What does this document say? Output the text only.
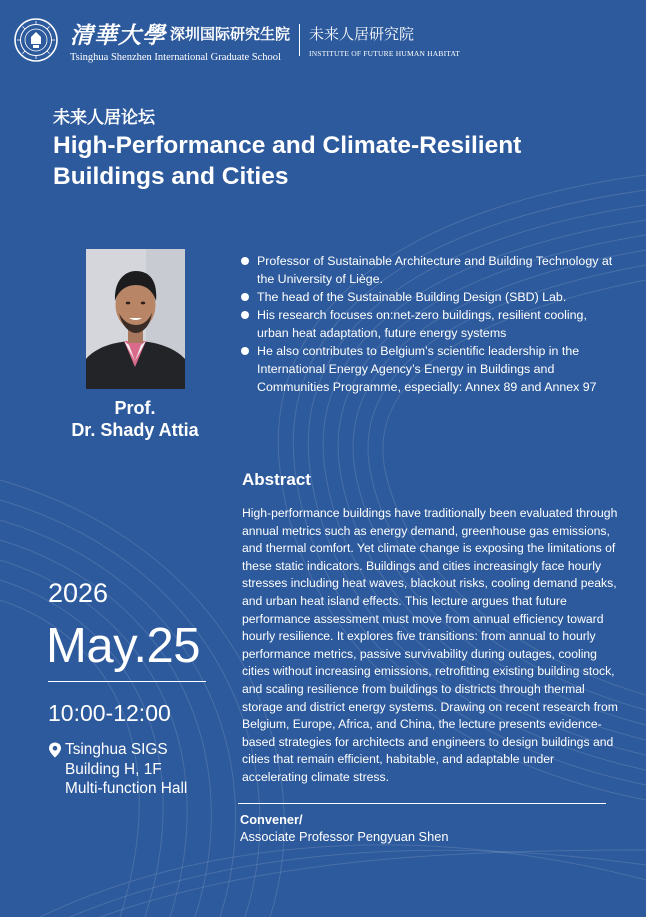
清華大學 深圳国际研究生院
Tsinghua Shenzhen International Graduate School
未来人居研究院
INSTITUTE OF FUTURE HUMAN HABITAT
未来人居论坛
High-Performance and Climate-Resilient
Buildings and Cities
Prof.
Dr. Shady Attia
Professor of Sustainable Architecture and Building Technology at the University of Liège.
The head of the Sustainable Building Design (SBD) Lab.
His research focuses on:net-zero buildings, resilient cooling, urban heat adaptation, future energy systems
He also contributes to Belgium’s scientific leadership in the International Energy Agency’s Energy in Buildings and Communities Programme, especially: Annex 89 and Annex 97
Abstract
High-performance buildings have traditionally been evaluated through annual metrics such as energy demand, greenhouse gas emissions, and thermal comfort. Yet climate change is exposing the limitations of these static indicators. Buildings and cities increasingly face hourly stresses including heat waves, blackout risks, cooling demand peaks, and urban heat island effects. This lecture argues that future performance assessment must move from annual efficiency toward hourly resilience. It explores five transitions: from annual to hourly performance metrics, passive survivability during outages, cooling cities without increasing emissions, retrofitting existing building stock, and scaling resilience from buildings to districts through thermal storage and district energy systems. Drawing on recent research from Belgium, Europe, Africa, and China, the lecture presents evidence-based strategies for architects and engineers to design buildings and cities that remain efficient, habitable, and adaptable under accelerating climate stress.
2026
May.25
10:00-12:00
Tsinghua SIGS
Building H, 1F
Multi-function Hall
Convener/
Associate Professor Pengyuan Shen
